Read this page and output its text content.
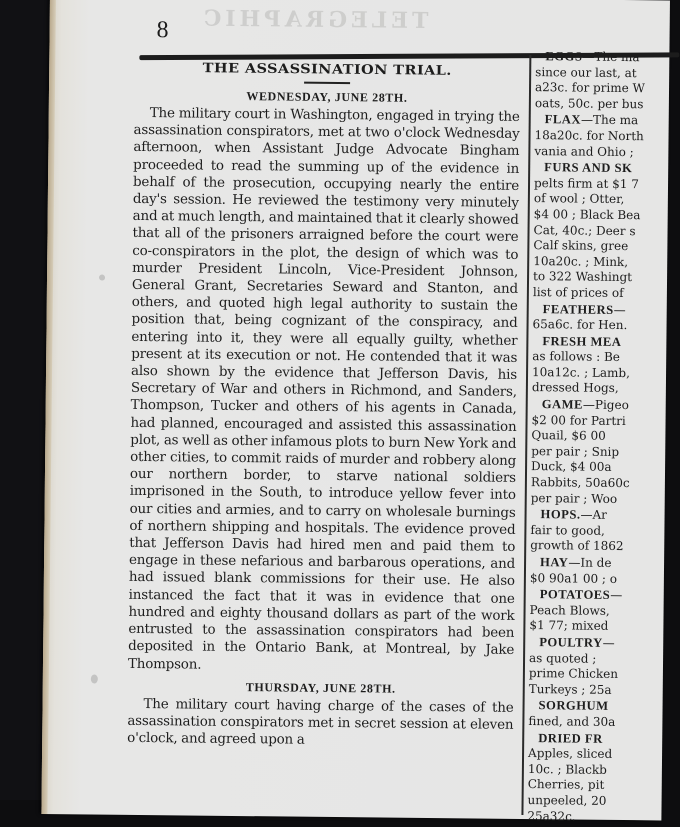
TELEGRAPHIC
8
THE ASSASSINATION TRIAL.
WEDNESDAY, JUNE 28TH.

The military court in Washington, engaged in trying the assassination conspirators, met at two o'clock Wednesday afternoon, when Assistant Judge Advocate Bingham proceeded to read the summing up of the evidence in behalf of the prosecution, occupying nearly the entire day's session. He reviewed the testimony very minutely and at much length, and maintained that it clearly showed that all of the prisoners arraigned before the court were co-conspirators in the plot, the design of which was to murder President Lincoln, Vice-President Johnson, General Grant, Secretaries Seward and Stanton, and others, and quoted high legal authority to sustain the position that, being cognizant of the conspiracy, and entering into it, they were all equally guilty, whether present at its execution or not. He contended that it was also shown by the evidence that Jefferson Davis, his Secretary of War and others in Richmond, and Sanders, Thompson, Tucker and others of his agents in Canada, had planned, encouraged and assisted this assassination plot, as well as other infamous plots to burn New York and other cities, to commit raids of murder and robbery along our northern border, to starve national soldiers imprisoned in the South, to introduce yellow fever into our cities and armies, and to carry on wholesale burnings of northern shipping and hospitals. The evidence proved that Jefferson Davis had hired men and paid them to engage in these nefarious and barbarous operations, and had issued blank commissions for their use. He also instanced the fact that it was in evidence that one hundred and eighty thousand dollars as part of the work entrusted to the assassination conspirators had been deposited in the Ontario Bank, at Montreal, by Jake Thompson.

THURSDAY, JUNE 28TH.

The military court having charge of the cases of the assassination conspirators met in secret session at eleven o'clock, and agreed upon a

EGGS—The ma
since our last, at
a23c. for prime W
oats, 50c. per bus
FLAX—The ma
18a20c. for North
vania and Ohio ;
FURS AND SK
pelts firm at $1 7
of wool ; Otter,
$4 00 ; Black Bea
Cat, 40c.; Deer s
Calf skins, gree
10a20c. ; Mink,
to 322 Washingt
list of prices of
FEATHERS—
65a6c. for Hen.
FRESH MEA
as follows : Be
10a12c. ; Lamb,
dressed Hogs,
GAME—Pigeo
$2 00 for Partri
Quail, $6 00
per pair ; Snip
Duck, $4 00a
Rabbits, 50a60c
per pair ; Woo
HOPS.—Ar
fair to good,
growth of 1862
HAY—In de
$0 90a1 00 ; o
POTATOES—
Peach Blows,
$1 77; mixed
POULTRY—
as quoted ;
prime Chicken
Turkeys ; 25a
SORGHUM
fined, and 30a
DRIED FR
Apples, sliced
10c. ; Blackb
Cherries, pit
unpeeled, 20
25a32c.
